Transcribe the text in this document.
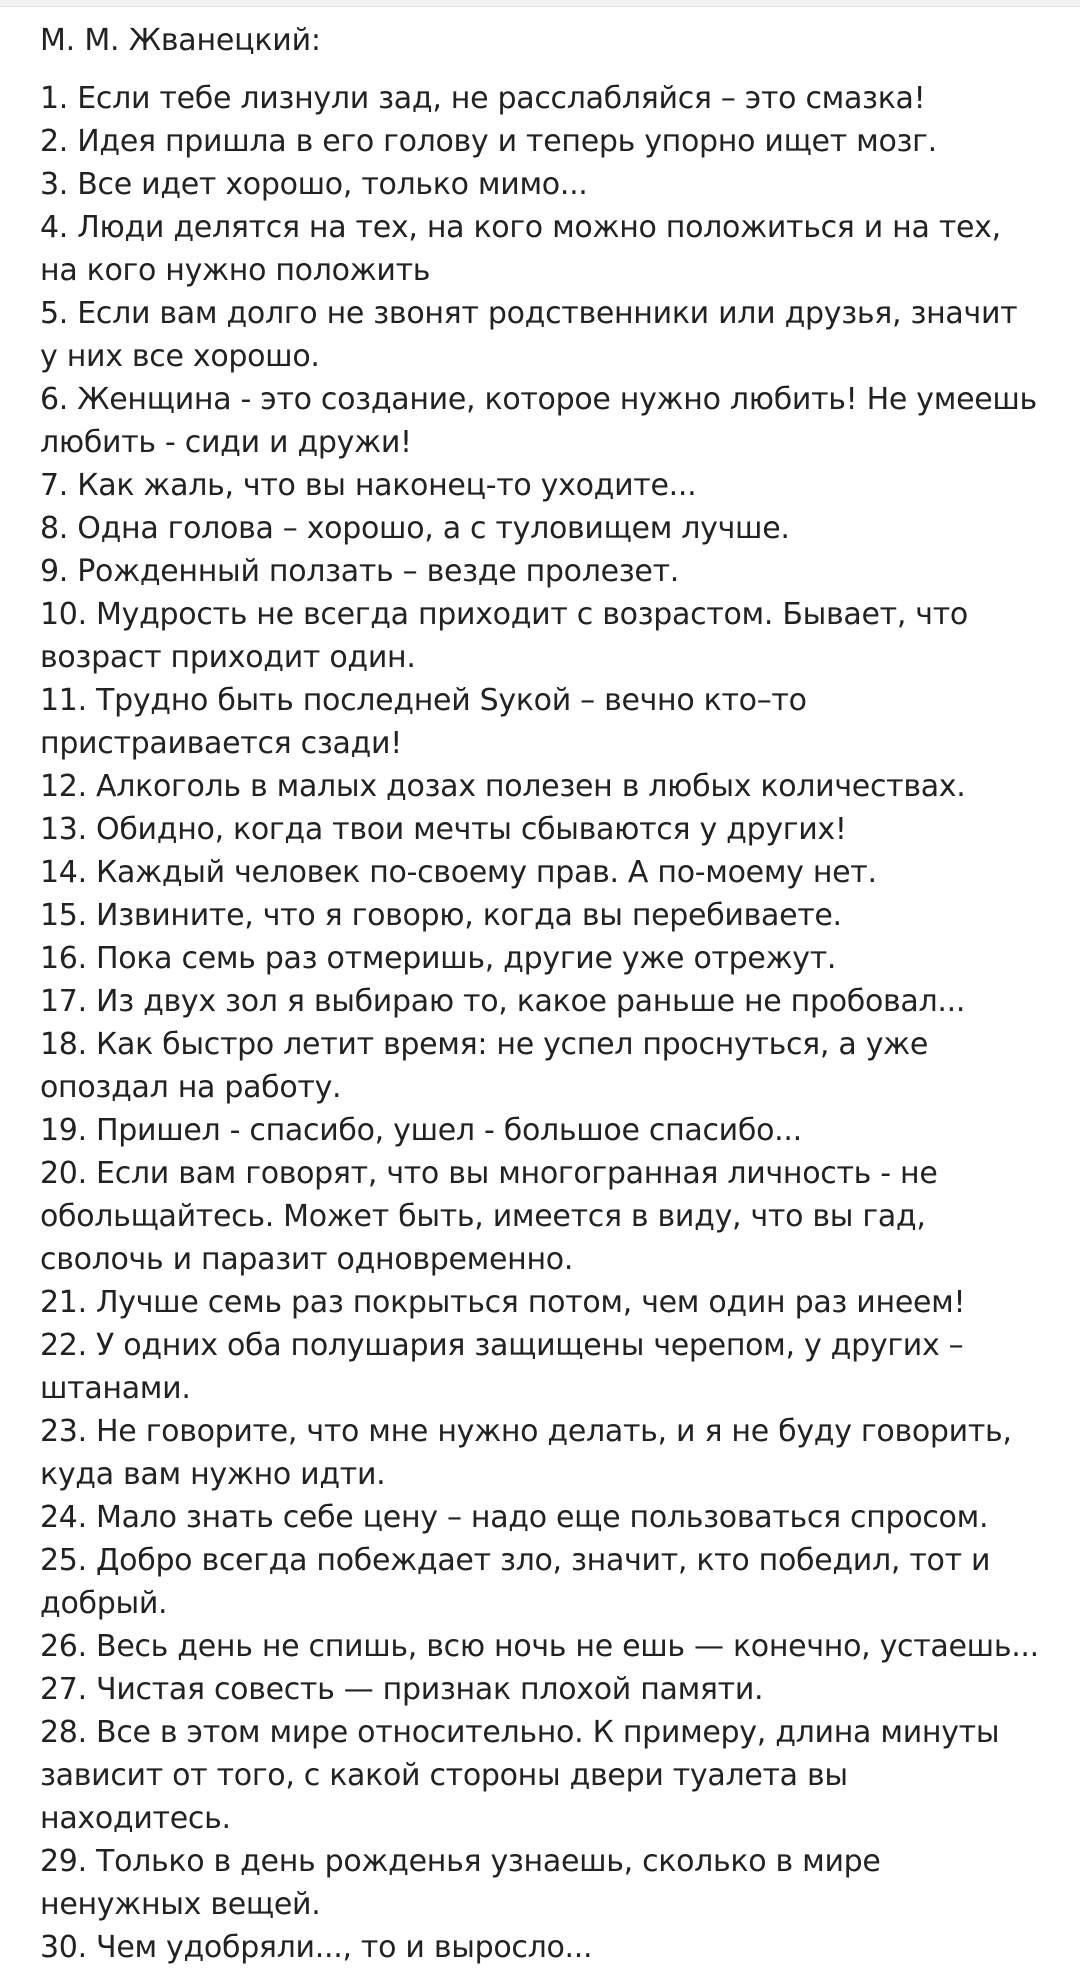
М. М. Жванецкий:
1. Если тебе лизнули зад, не расслабляйся – это смазка!
2. Идея пришла в его голову и теперь упорно ищет мозг.
3. Все идет хорошо, только мимо...
4. Люди делятся на тех, на кого можно положиться и на тех, на кого нужно положить
5. Если вам долго не звонят родственники или друзья, значит у них все хорошо.
6. Женщина - это создание, которое нужно любить! Не умеешь любить - сиди и дружи!
7. Как жаль, что вы наконец-то уходите...
8. Одна голова – хорошо, а с туловищем лучше.
9. Рожденный ползать – везде пролезет.
10. Мудрость не всегда приходит с возрастом. Бывает, что возраст приходит один.
11. Трудно быть последней Sукой – вечно кто–то пристраивается сзади!
12. Алкоголь в малых дозах полезен в любых количествах.
13. Обидно, когда твои мечты сбываются у других!
14. Каждый человек по-своему прав. А по-моему нет.
15. Извините, что я говорю, когда вы перебиваете.
16. Пока семь раз отмеришь, другие уже отрежут.
17. Из двух зол я выбираю то, какое раньше не пробовал...
18. Как быстро летит время: не успел проснуться, а уже опоздал на работу.
19. Пришел - спасибо, ушел - большое спасибо...
20. Если вам говорят, что вы многогранная личность - не обольщайтесь. Может быть, имеется в виду, что вы гад, сволочь и паразит одновременно.
21. Лучше семь раз покрыться потом, чем один раз инеем!
22. У одних оба полушария защищены черепом, у других – штанами.
23. Не говорите, что мне нужно делать, и я не буду говорить, куда вам нужно идти.
24. Мало знать себе цену – надо еще пользоваться спросом.
25. Добро всегда побеждает зло, значит, кто победил, тот и добрый.
26. Весь день не спишь, всю ночь не ешь — конечно, устаешь...
27. Чистая совесть — признак плохой памяти.
28. Все в этом мире относительно. К примеру, длина минуты зависит от того, с какой стороны двери туалета вы находитесь.
29. Только в день рожденья узнаешь, сколько в мире ненужных вещей.
30. Чем удобряли..., то и выросло...
